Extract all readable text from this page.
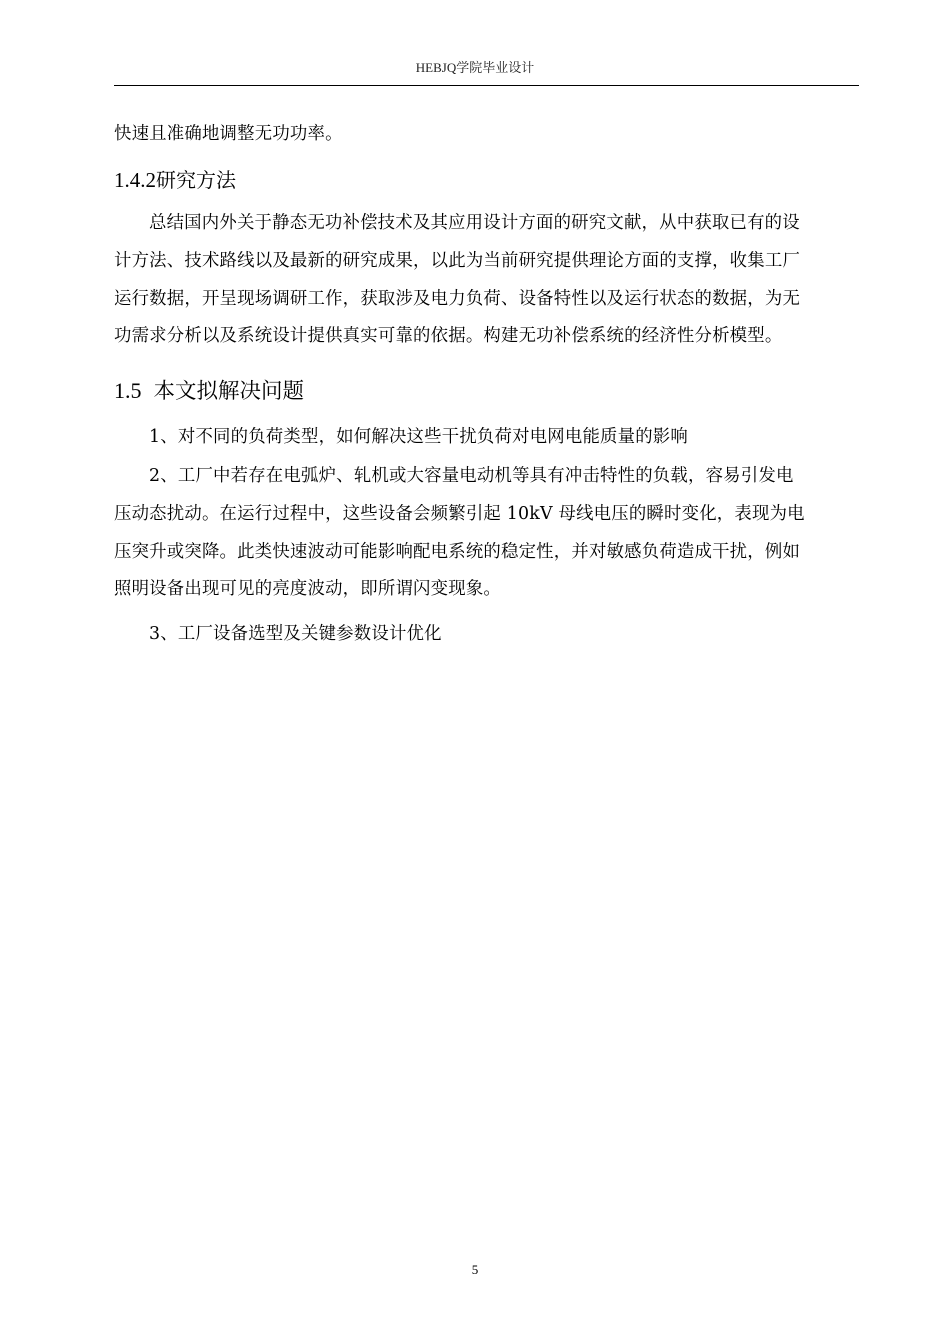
HEBJQ学院毕业设计

快速且准确地调整无功功率。

1.4.2研究方法

总结国内外关于静态无功补偿技术及其应用设计方面的研究文献，从中获取已有的设
计方法、技术路线以及最新的研究成果，以此为当前研究提供理论方面的支撑，收集工厂
运行数据，开呈现场调研工作，获取涉及电力负荷、设备特性以及运行状态的数据，为无
功需求分析以及系统设计提供真实可靠的依据。构建无功补偿系统的经济性分析模型。

1.5 本文拟解决问题

1、对不同的负荷类型，如何解决这些干扰负荷对电网电能质量的影响

2、工厂中若存在电弧炉、轧机或大容量电动机等具有冲击特性的负载，容易引发电
压动态扰动。在运行过程中，这些设备会频繁引起 10kV 母线电压的瞬时变化，表现为电
压突升或突降。此类快速波动可能影响配电系统的稳定性，并对敏感负荷造成干扰，例如
照明设备出现可见的亮度波动，即所谓闪变现象。

3、工厂设备选型及关键参数设计优化

5
